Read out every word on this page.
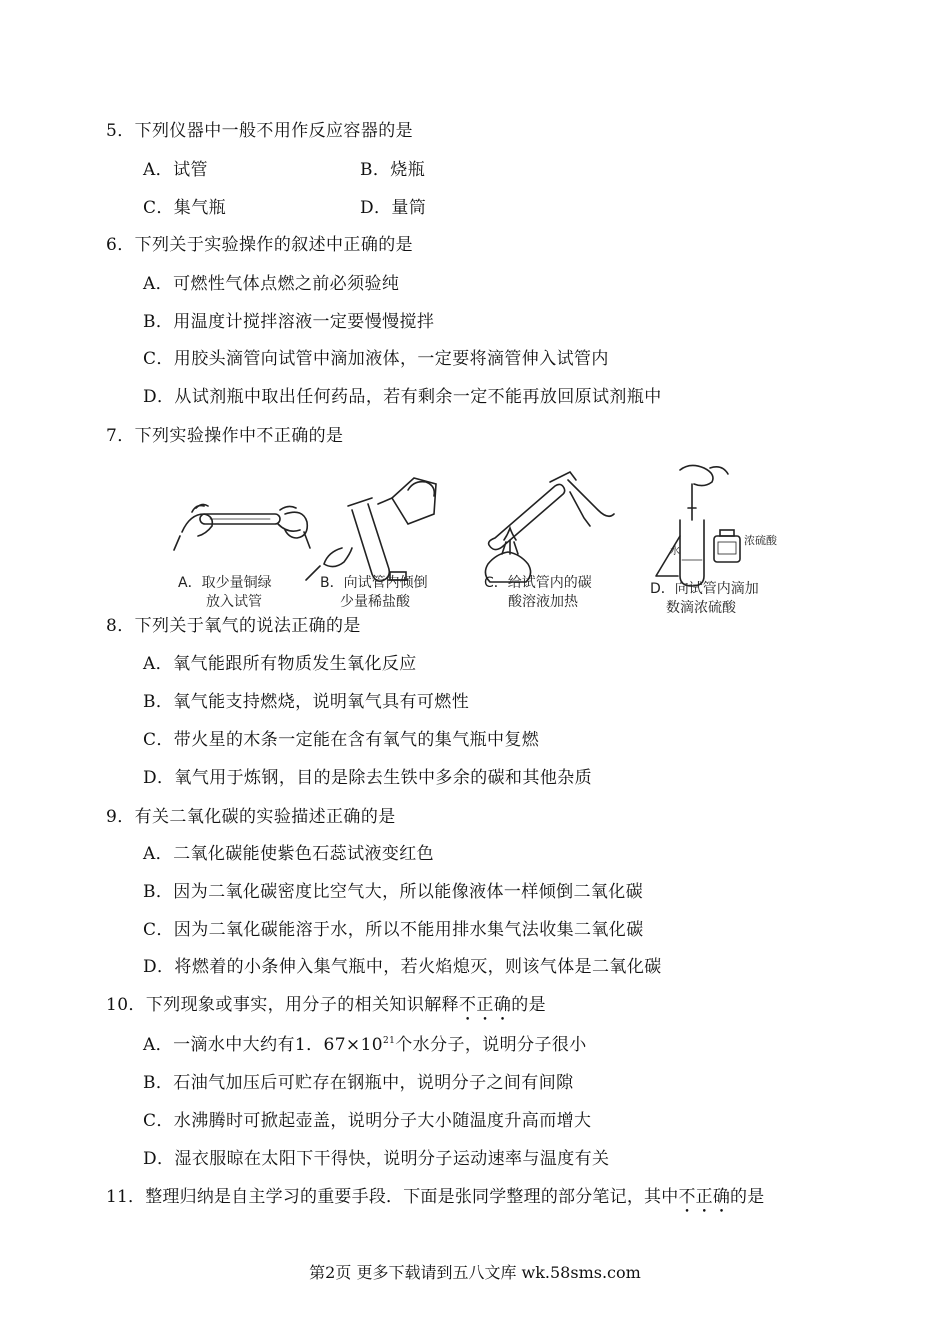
5．下列仪器中一般不用作反应容器的是
A．试管	B．烧瓶
C．集气瓶	D．量筒
6．下列关于实验操作的叙述中正确的是
A．可燃性气体点燃之前必须验纯
B．用温度计搅拌溶液一定要慢慢搅拌
C．用胶头滴管向试管中滴加液体，一定要将滴管伸入试管内
D．从试剂瓶中取出任何药品，若有剩余一定不能再放回原试剂瓶中
7．下列实验操作中不正确的是
水
浓硫酸
A．取少量铜绿
放入试管
B．向试管内倾倒
少量稀盐酸
C．给试管内的碳
酸溶液加热
D．向试管内滴加
数滴浓硫酸
8．下列关于氧气的说法正确的是
A．氧气能跟所有物质发生氧化反应
B．氧气能支持燃烧，说明氧气具有可燃性
C．带火星的木条一定能在含有氧气的集气瓶中复燃
D．氧气用于炼钢，目的是除去生铁中多余的碳和其他杂质
9．有关二氧化碳的实验描述正确的是
A．二氧化碳能使紫色石蕊试液变红色
B．因为二氧化碳密度比空气大，所以能像液体一样倾倒二氧化碳
C．因为二氧化碳能溶于水，所以不能用排水集气法收集二氧化碳
D．将燃着的小条伸入集气瓶中，若火焰熄灭，则该气体是二氧化碳
10．下列现象或事实，用分子的相关知识解释不正确的是
A．一滴水中大约有1．$67\times 10^{21}$个水分子，说明分子很小
B．石油气加压后可贮存在钢瓶中，说明分子之间有间隙
C．水沸腾时可掀起壶盖，说明分子大小随温度升高而增大
D．湿衣服晾在太阳下干得快，说明分子运动速率与温度有关
11．整理归纳是自主学习的重要手段．下面是张同学整理的部分笔记，其中不正确的是
第2页 更多下载请到五八文库 wk.58sms.com
